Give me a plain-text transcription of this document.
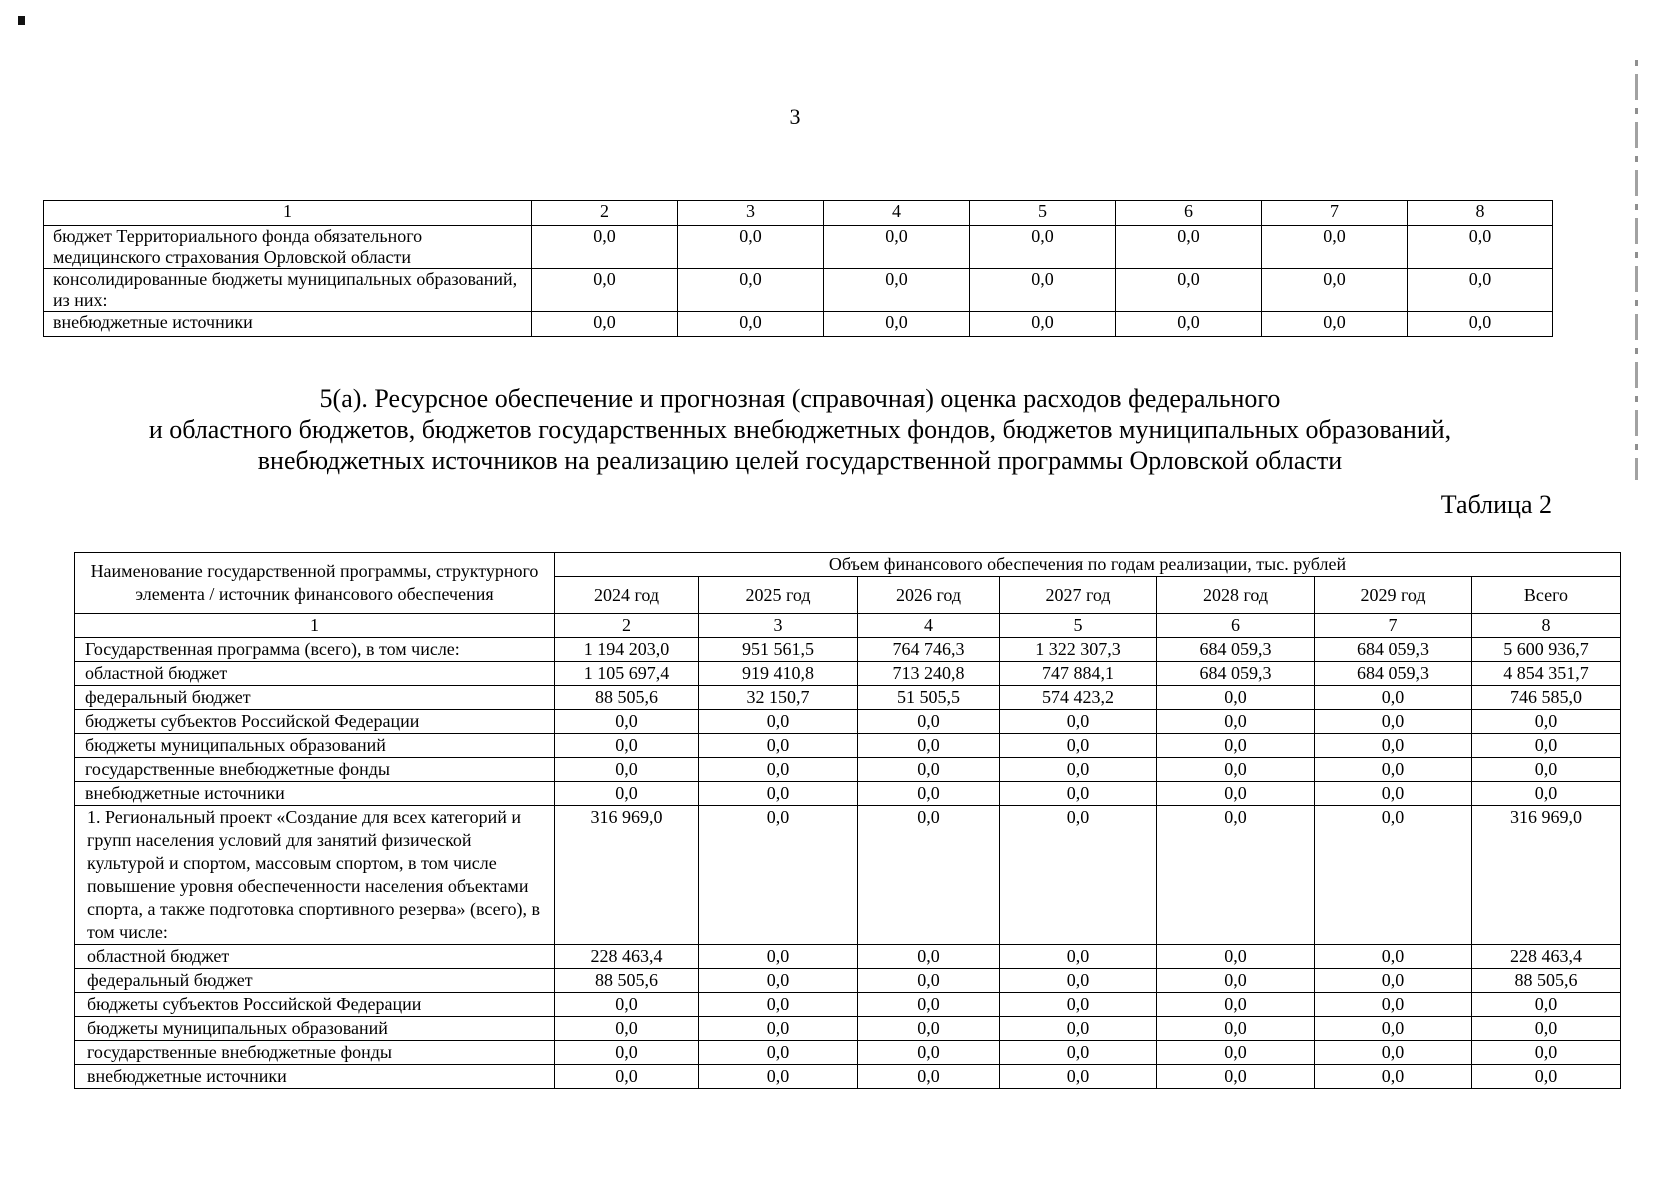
3
1	2	3	4	5	6	7	8
бюджет Территориального фонда обязательного медицинского страхования Орловской области	0,0	0,0	0,0	0,0	0,0	0,0	0,0
консолидированные бюджеты муниципальных образований, из них:	0,0	0,0	0,0	0,0	0,0	0,0	0,0
внебюджетные источники	0,0	0,0	0,0	0,0	0,0	0,0	0,0
5(а). Ресурсное обеспечение и прогнозная (справочная) оценка расходов федерального
и областного бюджетов, бюджетов государственных внебюджетных фондов, бюджетов муниципальных образований,
внебюджетных источников на реализацию целей государственной программы Орловской области
Таблица 2
Наименование государственной программы, структурного элемента / источник финансового обеспечения	Объем финансового обеспечения по годам реализации, тыс. рублей						
	2024 год	2025 год	2026 год	2027 год	2028 год	2029 год	Всего
1	2	3	4	5	6	7	8
Государственная программа (всего), в том числе:	1 194 203,0	951 561,5	764 746,3	1 322 307,3	684 059,3	684 059,3	5 600 936,7
областной бюджет	1 105 697,4	919 410,8	713 240,8	747 884,1	684 059,3	684 059,3	4 854 351,7
федеральный бюджет	88 505,6	32 150,7	51 505,5	574 423,2	0,0	0,0	746 585,0
бюджеты субъектов Российской Федерации	0,0	0,0	0,0	0,0	0,0	0,0	0,0
бюджеты муниципальных образований	0,0	0,0	0,0	0,0	0,0	0,0	0,0
государственные внебюджетные фонды	0,0	0,0	0,0	0,0	0,0	0,0	0,0
внебюджетные источники	0,0	0,0	0,0	0,0	0,0	0,0	0,0
1. Региональный проект «Создание для всех категорий и групп населения условий для занятий физической культурой и спортом, массовым спортом, в том числе повышение уровня обеспеченности населения объектами спорта, а также подготовка спортивного резерва» (всего), в том числе:	316 969,0	0,0	0,0	0,0	0,0	0,0	316 969,0
областной бюджет	228 463,4	0,0	0,0	0,0	0,0	0,0	228 463,4
федеральный бюджет	88 505,6	0,0	0,0	0,0	0,0	0,0	88 505,6
бюджеты субъектов Российской Федерации	0,0	0,0	0,0	0,0	0,0	0,0	0,0
бюджеты муниципальных образований	0,0	0,0	0,0	0,0	0,0	0,0	0,0
государственные внебюджетные фонды	0,0	0,0	0,0	0,0	0,0	0,0	0,0
внебюджетные источники	0,0	0,0	0,0	0,0	0,0	0,0	0,0
